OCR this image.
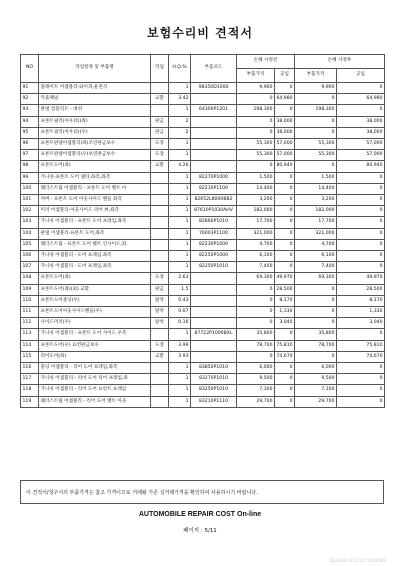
보험수리비 견적서
NO	작업항목 및 부품명	작업	H.Q.%	부품코드	손해 사정전		손해 사정후	
					부품가격	공임	부품가격	공임
91	플래이트 어셈블리-와이퍼,운전석		1	98350D1000	9,900	0	9,900	0
92	카울패널	교환	3.42		0	64,980	0	64,980
93	판넬 컴플리트 - 대쉬		1	64300P1201	198,300	0	198,300	0
94	프론트필러(아우터)(좌)	판금	2		0	38,000	0	38,000
95	프론트필러(아우터)(우)	판금	2		0	38,000	0	38,000
96	프론트판넬어셈블리(좌)조연판금보수	도장	1		55,300	57,000	55,300	57,000
97	프론트판넬어셈블리(우)보연판금보수	도장	1		55,300	57,000	55,300	57,000
98	프론트도어(좌)	교환	4.26		0	80,940	0	80,940
99	가니쉬-프론트 도어 델타,좌측,좌측		1	82270P1000	1,500	0	1,500	0
100	웨더스트립 어셈블리 - 프론트 도어 벨트 아		1	82210P1100	14,400	0	14,400	0
101	커버 - 프론트 도어 아웃사이드 핸들 좌측		1	82652L8000BB2	3,200	0	3,200	0
102	미러 어셈블리-아웃사이드 리어 뷰,좌측		1	87610P1030AHV	182,000	0	182,000	0
103	가니쉬 어셈블리 - 프론트 도어 프레임,좌측		1	82860P1010	17,700	0	17,700	0
104	판넬 어셈블리-프론트 도어,좌측		1	76003P1100	321,000	0	321,000	0
105	웨더스트립 - 프론트 도어 벨트 인사이드,좌		1	82230P1000	4,700	0	4,700	0
106	가니쉬 어셈블리 - 도어 프레임,좌측		1	82250P1000	6,100	0	6,100	0
107	가니쉬 어셈블리 - 도어 프레임,좌측		1	82250P1010	7,400	0	7,400	0
108	프론트도어(좌)	도장	2.63		69,300	49,970	69,300	49,970
109	프론트도어(좌)(외) 교환	판금	1.5		0	28,500	0	28,500
110	프론트도어몰딩(우)	탈착	0.43		0	8,170	0	8,170
111	프론트도어아웃사이드핸들(우)	탈착	0.07		0	1,330	0	1,330
112	사이드미러(우)	탈착	0.16		0	3,040	0	3,040
113	가니쉬 어셈블리 - 프론트 도어 사이드 우측		1	87722P1000BXL	35,800	0	35,800	0
114	프론트도어(우) 표면판금보수	도장	3.99		78,700	75,810	78,700	75,810
115	리어도어(좌)	교환	3.93		0	74,670	0	74,670
116	몰딩 어셈블리 - 리어 도어 프레임,좌측		1	83850P1010	6,000	0	6,000	0
117	가니쉬 어셈블리 - 리어 도어 리어 프레임,좌		1	83270P1010	9,500	0	9,500	0
118	가니쉬 어셈블리 - 리어 도어 프런트 프레임		1	83250P1010	7,100	0	7,100	0
119	웨더스트립 어셈블리 - 리어 도어 벨트 아웃		1	83210P1110	29,700	0	29,700	0
이 견적서/청구서의 부품가격은 참고 가격이므로 거래될 가존 실거래가격을 확인하여 사용하시기 바랍니다.
AUTOMOBILE REPAIR COST On-line
페이지 : 5/11
2024-02-14 11:07:10 00703
